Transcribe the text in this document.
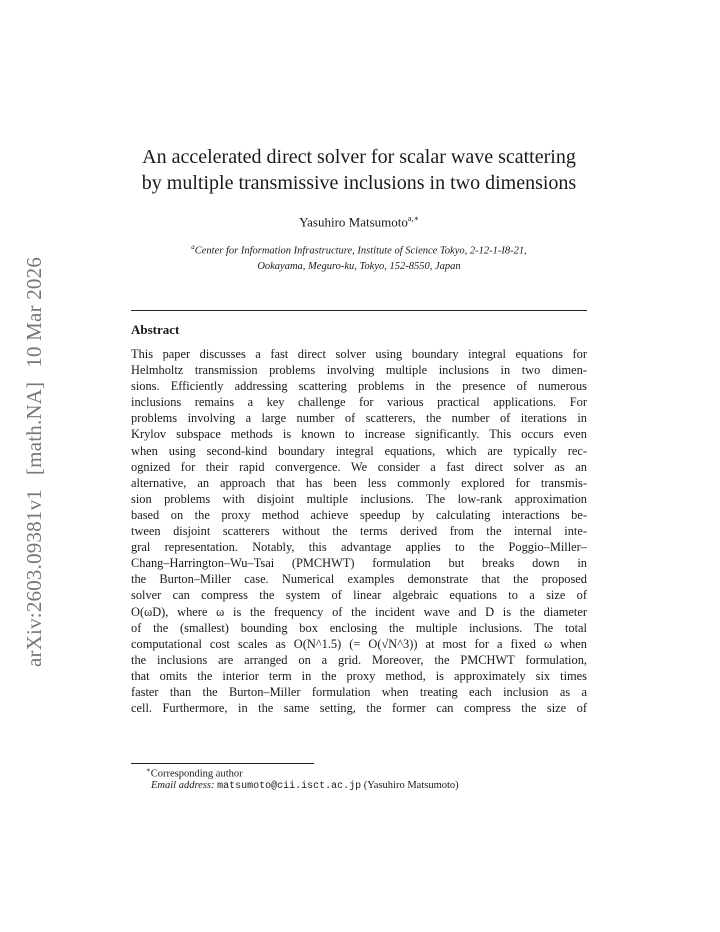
arXiv:2603.09381v1[math.NA]10 Mar 2026
An accelerated direct solver for scalar wave scattering
by multiple transmissive inclusions in two dimensions
Yasuhiro Matsumoto$^{a,∗}$
$^a$Center for Information Infrastructure, Institute of Science Tokyo, 2-12-1-I8-21,
Ookayama, Meguro-ku, Tokyo, 152-8550, Japan
Abstract
This paper discusses a fast direct solver using boundary integral equations for
Helmholtz transmission problems involving multiple inclusions in two dimen-
sions. Efficiently addressing scattering problems in the presence of numerous
inclusions remains a key challenge for various practical applications. For
problems involving a large number of scatterers, the number of iterations in
Krylov subspace methods is known to increase significantly. This occurs even
when using second-kind boundary integral equations, which are typically rec-
ognized for their rapid convergence. We consider a fast direct solver as an
alternative, an approach that has been less commonly explored for transmis-
sion problems with disjoint multiple inclusions. The low-rank approximation
based on the proxy method achieve speedup by calculating interactions be-
tween disjoint scatterers without the terms derived from the internal inte-
gral representation. Notably, this advantage applies to the Poggio–Miller–
Chang–Harrington–Wu–Tsai (PMCHWT) formulation but breaks down in
the Burton–Miller case. Numerical examples demonstrate that the proposed
solver can compress the system of linear algebraic equations to a size of
O(ωD), where ω is the frequency of the incident wave and D is the diameter
of the (smallest) bounding box enclosing the multiple inclusions. The total
computational cost scales as O(N^1.5) (= O(√N^3)) at most for a fixed ω when
the inclusions are arranged on a grid. Moreover, the PMCHWT formulation,
that omits the interior term in the proxy method, is approximately six times
faster than the Burton–Miller formulation when treating each inclusion as a
cell. Furthermore, in the same setting, the former can compress the size of
∗Corresponding author
Email address: matsumoto@cii.isct.ac.jp (Yasuhiro Matsumoto)
